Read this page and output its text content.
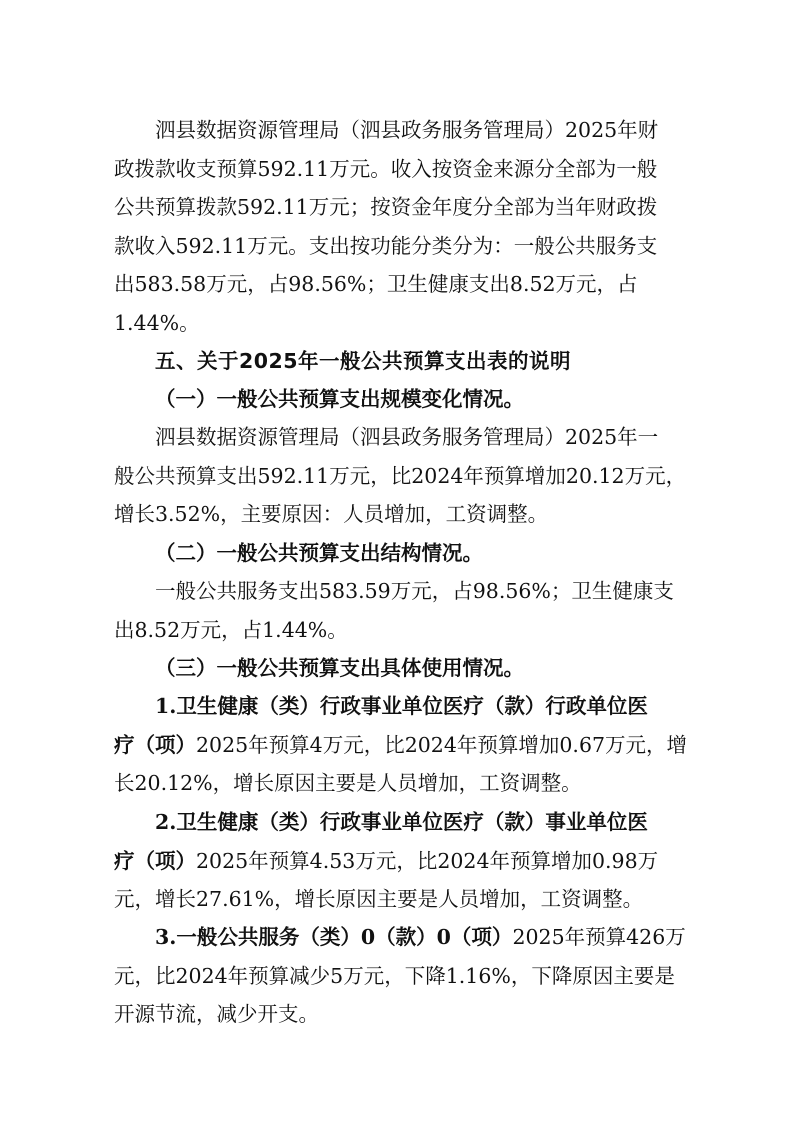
泗县数据资源管理局（泗县政务服务管理局）2025年财
政拨款收支预算592.11万元。收入按资金来源分全部为一般
公共预算拨款592.11万元；按资金年度分全部为当年财政拨
款收入592.11万元。支出按功能分类分为：一般公共服务支
出583.58万元，占98.56%；卫生健康支出8.52万元，占
1.44%。
五、关于2025年一般公共预算支出表的说明
（一）一般公共预算支出规模变化情况。
泗县数据资源管理局（泗县政务服务管理局）2025年一
般公共预算支出592.11万元，比2024年预算增加20.12万元，
增长3.52%，主要原因：人员增加，工资调整。
（二）一般公共预算支出结构情况。
一般公共服务支出583.59万元，占98.56%；卫生健康支
出8.52万元，占1.44%。
（三）一般公共预算支出具体使用情况。
1.卫生健康（类）行政事业单位医疗（款）行政单位医
疗（项）2025年预算4万元，比2024年预算增加0.67万元，增
长20.12%，增长原因主要是人员增加，工资调整。
2.卫生健康（类）行政事业单位医疗（款）事业单位医
疗（项）2025年预算4.53万元，比2024年预算增加0.98万
元，增长27.61%，增长原因主要是人员增加，工资调整。
3.一般公共服务（类）0（款）0（项）2025年预算426万
元，比2024年预算减少5万元，下降1.16%，下降原因主要是
开源节流，减少开支。
